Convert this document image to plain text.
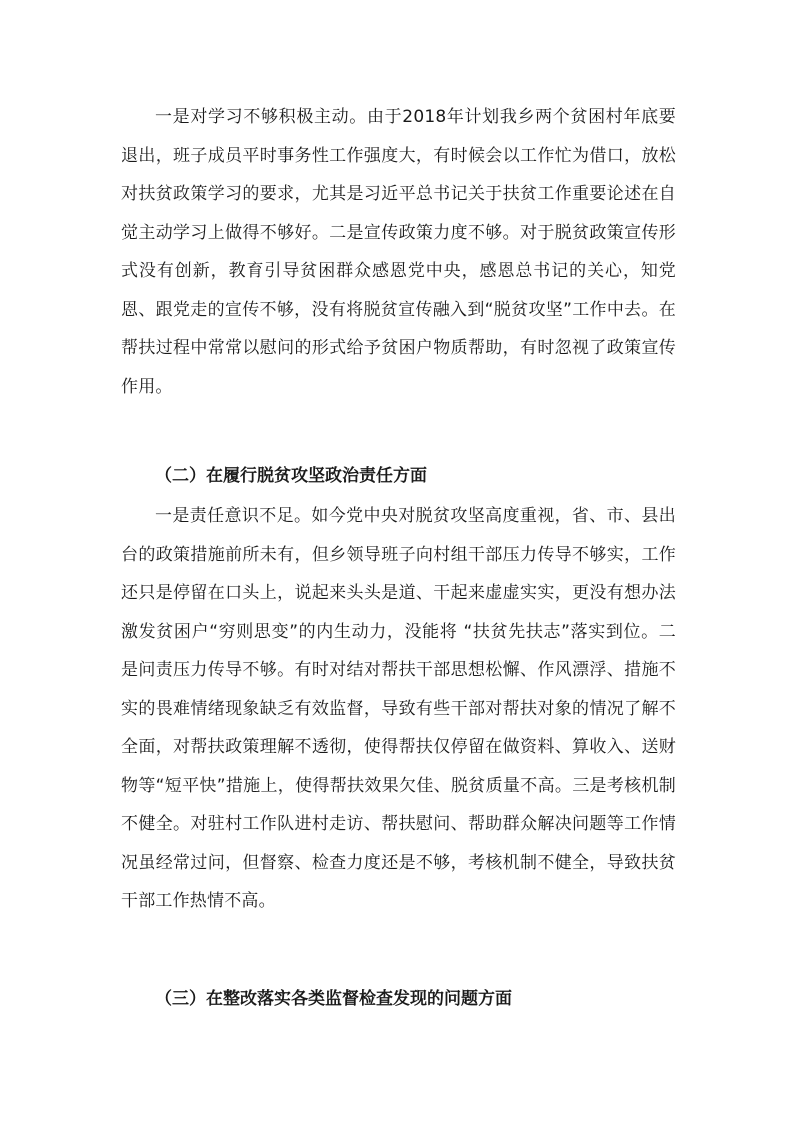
一是对学习不够积极主动。由于2018年计划我乡两个贫困村年底要退出，班子成员平时事务性工作强度大，有时候会以工作忙为借口，放松对扶贫政策学习的要求，尤其是习近平总书记关于扶贫工作重要论述在自觉主动学习上做得不够好。二是宣传政策力度不够。对于脱贫政策宣传形式没有创新，教育引导贫困群众感恩党中央，感恩总书记的关心，知党恩、跟党走的宣传不够，没有将脱贫宣传融入到“脱贫攻坚”工作中去。在帮扶过程中常常以慰问的形式给予贫困户物质帮助，有时忽视了政策宣传作用。

（二）在履行脱贫攻坚政治责任方面

一是责任意识不足。如今党中央对脱贫攻坚高度重视，省、市、县出台的政策措施前所未有，但乡领导班子向村组干部压力传导不够实，工作还只是停留在口头上，说起来头头是道、干起来虚虚实实，更没有想办法激发贫困户“穷则思变”的内生动力，没能将 “扶贫先扶志”落实到位。二是问责压力传导不够。有时对结对帮扶干部思想松懈、作风漂浮、措施不实的畏难情绪现象缺乏有效监督，导致有些干部对帮扶对象的情况了解不全面，对帮扶政策理解不透彻，使得帮扶仅停留在做资料、算收入、送财物等“短平快”措施上，使得帮扶效果欠佳、脱贫质量不高。三是考核机制不健全。对驻村工作队进村走访、帮扶慰问、帮助群众解决问题等工作情况虽经常过问，但督察、检查力度还是不够，考核机制不健全，导致扶贫干部工作热情不高。

（三）在整改落实各类监督检查发现的问题方面
